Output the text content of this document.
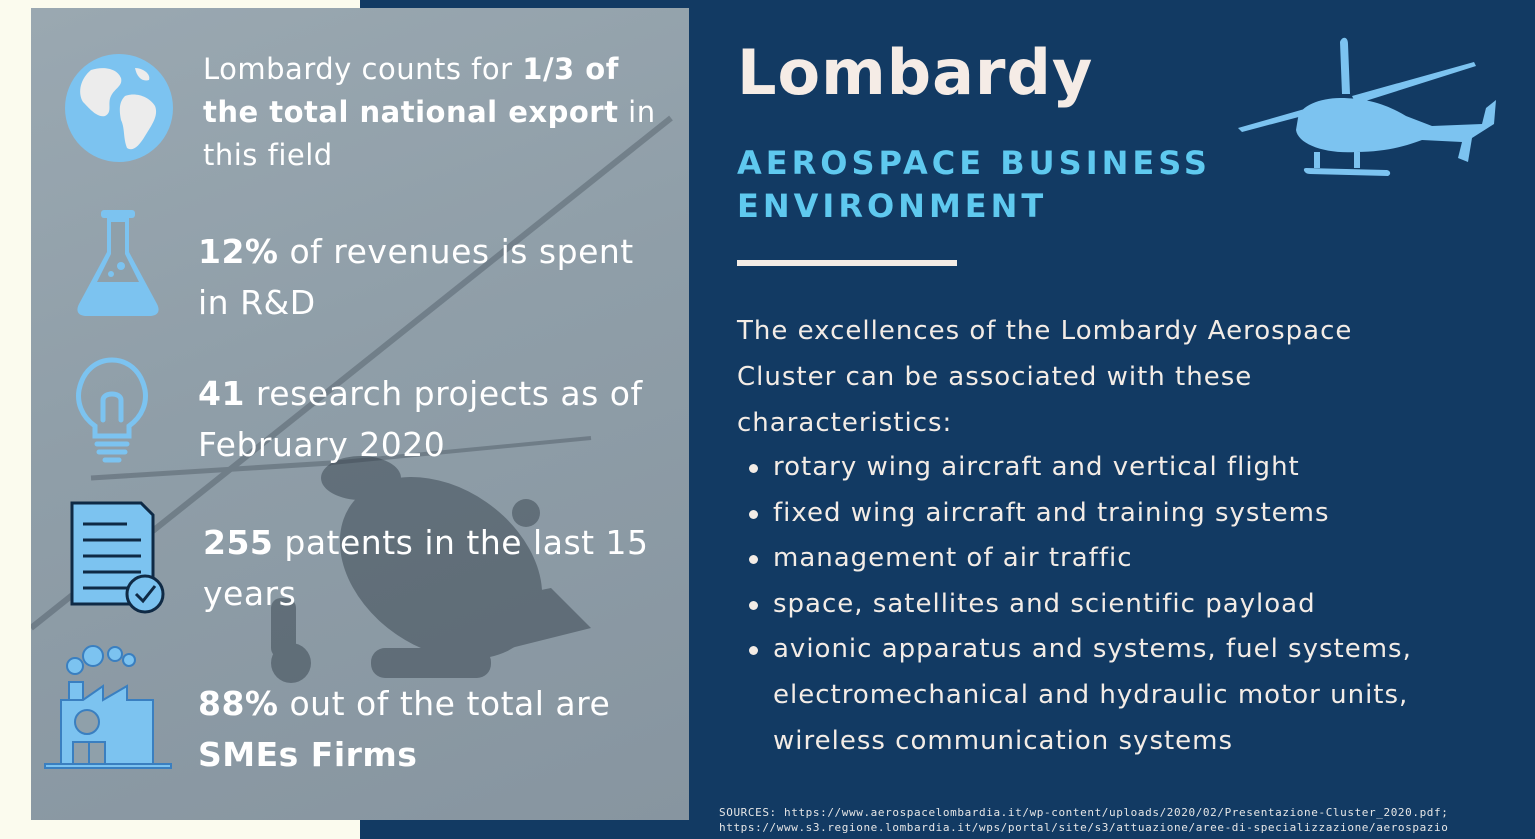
Lombardy counts for 1/3 of the total national export in this field
12% of revenues is spent in R&D
41 research projects as of February 2020
255 patents in the last 15 years
88% out of the total are SMEs Firms
Lombardy
AEROSPACE BUSINESS
ENVIRONMENT

The excellences of the Lombardy Aerospace Cluster can be associated with these characteristics:

rotary wing aircraft and vertical flight
fixed wing aircraft and training systems
management of air traffic
space, satellites and scientific payload
avionic apparatus and systems, fuel systems, electromechanical and hydraulic motor units, wireless communication systems
SOURCES: https://www.aerospacelombardia.it/wp-content/uploads/2020/02/Presentazione-Cluster_2020.pdf;
https://www.s3.regione.lombardia.it/wps/portal/site/s3/attuazione/aree-di-specializzazione/aerospazio
